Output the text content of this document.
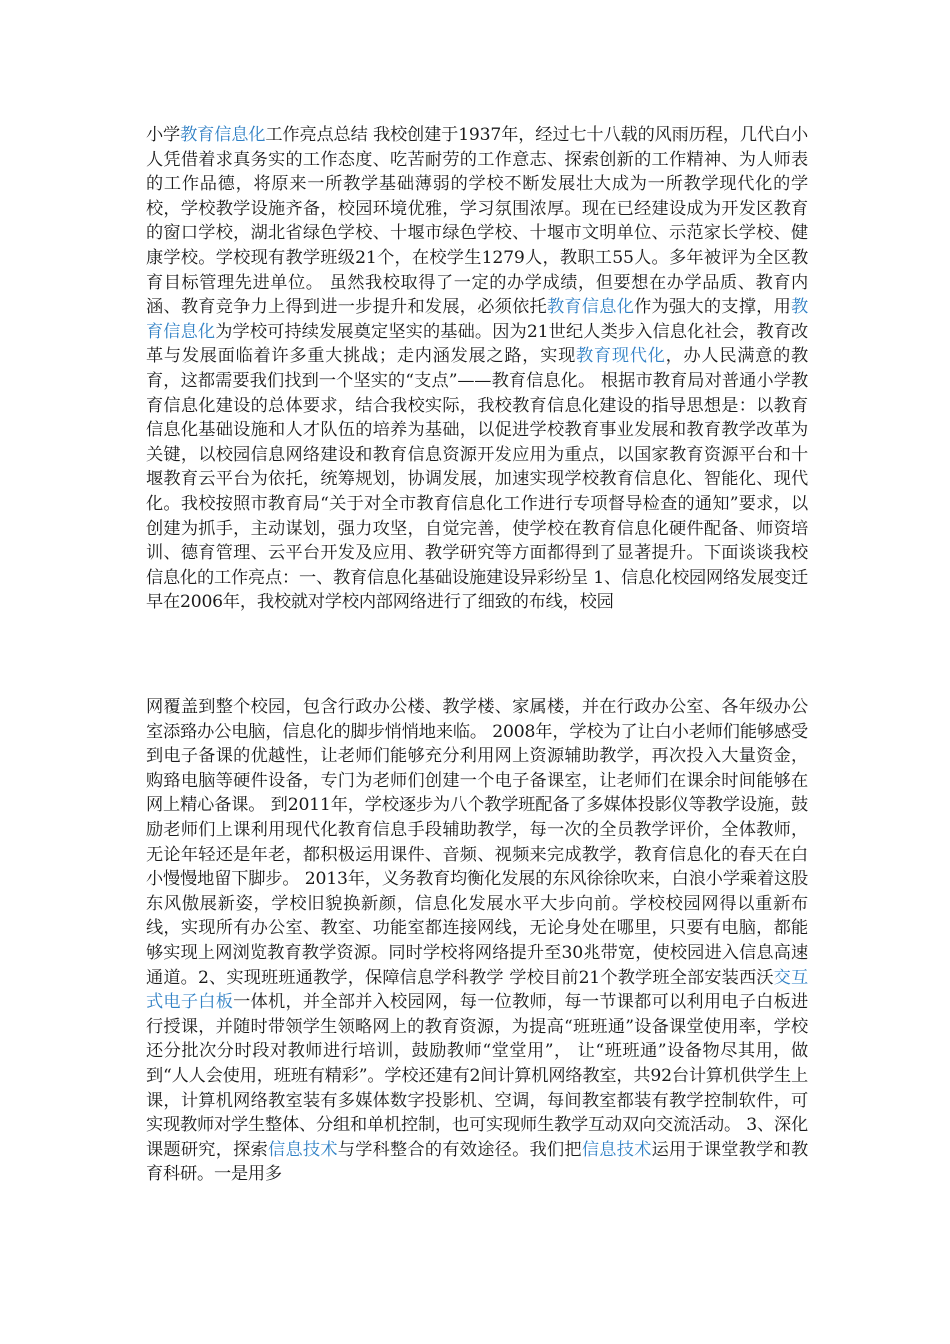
小学教育信息化工作亮点总结 我校创建于1937年，经过七十八载的风雨历程，几代白小人凭借着求真务实的工作态度、吃苦耐劳的工作意志、探索创新的工作精神、为人师表的工作品德，将原来一所教学基础薄弱的学校不断发展壮大成为一所教学现代化的学校，学校教学设施齐备，校园环境优雅，学习氛围浓厚。现在已经建设成为开发区教育的窗口学校，湖北省绿色学校、十堰市绿色学校、十堰市文明单位、示范家长学校、健康学校。学校现有教学班级21个，在校学生1279人，教职工55人。多年被评为全区教育目标管理先进单位。 虽然我校取得了一定的办学成绩，但要想在办学品质、教育内涵、教育竞争力上得到进一步提升和发展，必须依托教育信息化作为强大的支撑，用教育信息化为学校可持续发展奠定坚实的基础。因为21世纪人类步入信息化社会，教育改革与发展面临着许多重大挑战；走内涵发展之路，实现教育现代化，办人民满意的教育，这都需要我们找到一个坚实的“支点”——教育信息化。 根据市教育局对普通小学教育信息化建设的总体要求，结合我校实际，我校教育信息化建设的指导思想是：以教育信息化基础设施和人才队伍的培养为基础，以促进学校教育事业发展和教育教学改革为关键，以校园信息网络建设和教育信息资源开发应用为重点，以国家教育资源平台和十堰教育云平台为依托，统筹规划，协调发展，加速实现学校教育信息化、智能化、现代化。我校按照市教育局“关于对全市教育信息化工作进行专项督导检查的通知”要求，以创建为抓手，主动谋划，强力攻坚，自觉完善，使学校在教育信息化硬件配备、师资培训、德育管理、云平台开发及应用、教学研究等方面都得到了显著提升。下面谈谈我校信息化的工作亮点：一、教育信息化基础设施建设异彩纷呈 1、信息化校园网络发展变迁 早在2006年，我校就对学校内部网络进行了细致的布线，校园

网覆盖到整个校园，包含行政办公楼、教学楼、家属楼，并在行政办公室、各年级办公室添臵办公电脑，信息化的脚步悄悄地来临。 2008年，学校为了让白小老师们能够感受到电子备课的优越性，让老师们能够充分利用网上资源辅助教学，再次投入大量资金，购臵电脑等硬件设备，专门为老师们创建一个电子备课室，让老师们在课余时间能够在网上精心备课。 到2011年，学校逐步为八个教学班配备了多媒体投影仪等教学设施，鼓励老师们上课利用现代化教育信息手段辅助教学，每一次的全员教学评价，全体教师，无论年轻还是年老，都积极运用课件、音频、视频来完成教学，教育信息化的春天在白小慢慢地留下脚步。 2013年，义务教育均衡化发展的东风徐徐吹来，白浪小学乘着这股东风傲展新姿，学校旧貌换新颜，信息化发展水平大步向前。学校校园网得以重新布线，实现所有办公室、教室、功能室都连接网线，无论身处在哪里，只要有电脑，都能够实现上网浏览教育教学资源。同时学校将网络提升至30兆带宽，使校园进入信息高速通道。2、实现班班通教学，保障信息学科教学 学校目前21个教学班全部安装西沃交互式电子白板一体机，并全部并入校园网，每一位教师，每一节课都可以利用电子白板进行授课，并随时带领学生领略网上的教育资源，为提高“班班通”设备课堂使用率，学校还分批次分时段对教师进行培训，鼓励教师“堂堂用”， 让“班班通”设备物尽其用，做到“人人会使用，班班有精彩”。学校还建有2间计算机网络教室，共92台计算机供学生上课，计算机网络教室装有多媒体数字投影机、空调，每间教室都装有教学控制软件，可实现教师对学生整体、分组和单机控制，也可实现师生教学互动双向交流活动。 3、深化课题研究，探索信息技术与学科整合的有效途径。我们把信息技术运用于课堂教学和教育科研。一是用多
